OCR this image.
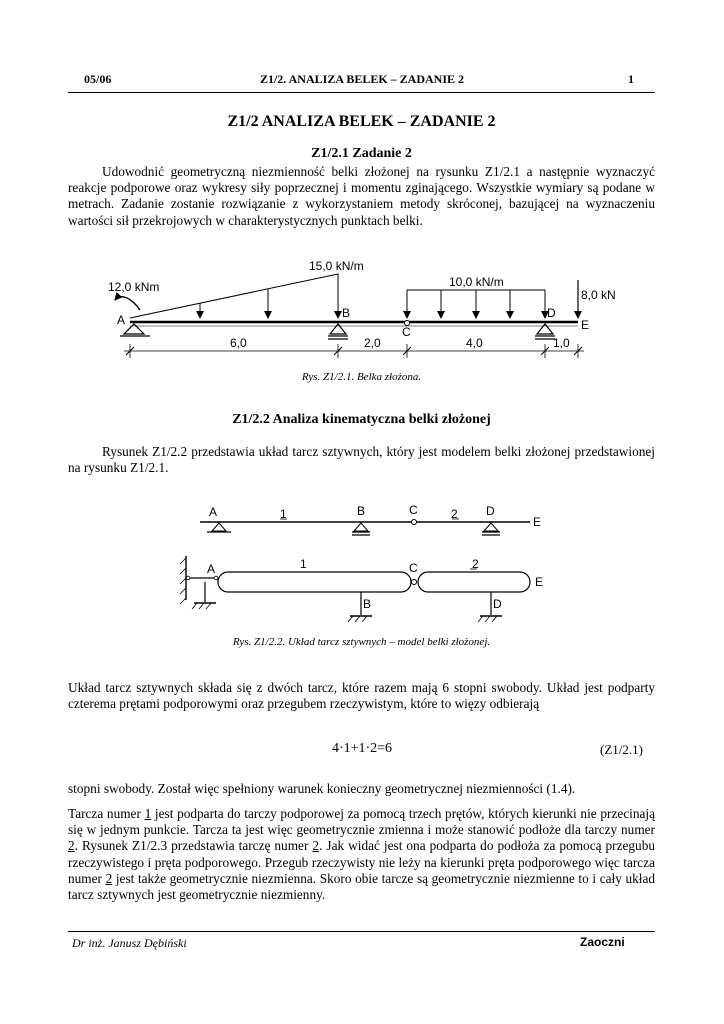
05/06	Z1/2. ANALIZA BELEK – ZADANIE 2	1
Z1/2 ANALIZA BELEK – ZADANIE 2
Z1/2.1 Zadanie 2
Udowodnić geometryczną niezmienność belki złożonej na rysunku Z1/2.1 a następnie wyznaczyć reakcje podporowe oraz wykresy siły poprzecznej i momentu zginającego. Wszystkie wymiary są podane w metrach. Zadanie zostanie rozwiązanie z wykorzystaniem metody skróconej, bazującej na wyznaczeniu wartości sił przekrojowych w charakterystycznych punktach belki.
12,0 kNm
15,0 kN/m
10,0 kN/m
8,0 kN
A	B
C
D
E
6,0	2,0	4,0	1,0
Rys. Z1/2.1. Belka złożona.
Z1/2.2 Analiza kinematyczna belki złożonej
Rysunek Z1/2.2 przedstawia układ tarcz sztywnych, który jest modelem belki złożonej przedstawionej na rysunku Z1/2.1.
A	1	B	C	2 D
E
A	1	C	2
E
B	D
Rys. Z1/2.2. Układ tarcz sztywnych – model belki złożonej.
Układ tarcz sztywnych składa się z dwóch tarcz, które razem mają 6 stopni swobody. Układ jest podparty czterema prętami podporowymi oraz przegubem rzeczywistym, które to więzy odbierają
4·1+1·2=6	(Z1/2.1)
stopni swobody. Został więc spełniony warunek konieczny geometrycznej niezmienności (1.4).
Tarcza numer 1 jest podparta do tarczy podporowej za pomocą trzech prętów, których kierunki nie przecinają się w jednym punkcie. Tarcza ta jest więc geometrycznie zmienna i może stanowić podłoże dla tarczy numer 2. Rysunek Z1/2.3 przedstawia tarczę numer 2. Jak widać jest ona podparta do podłoża za pomocą przegubu rzeczywistego i pręta podporowego. Przegub rzeczywisty nie leży na kierunki pręta podporowego więc tarcza numer 2 jest także geometrycznie niezmienna. Skoro obie tarcze są geometrycznie niezmienne to i cały układ tarcz sztywnych jest geometrycznie niezmienny.
Dr inż. Janusz Dębiński	Zaoczni
